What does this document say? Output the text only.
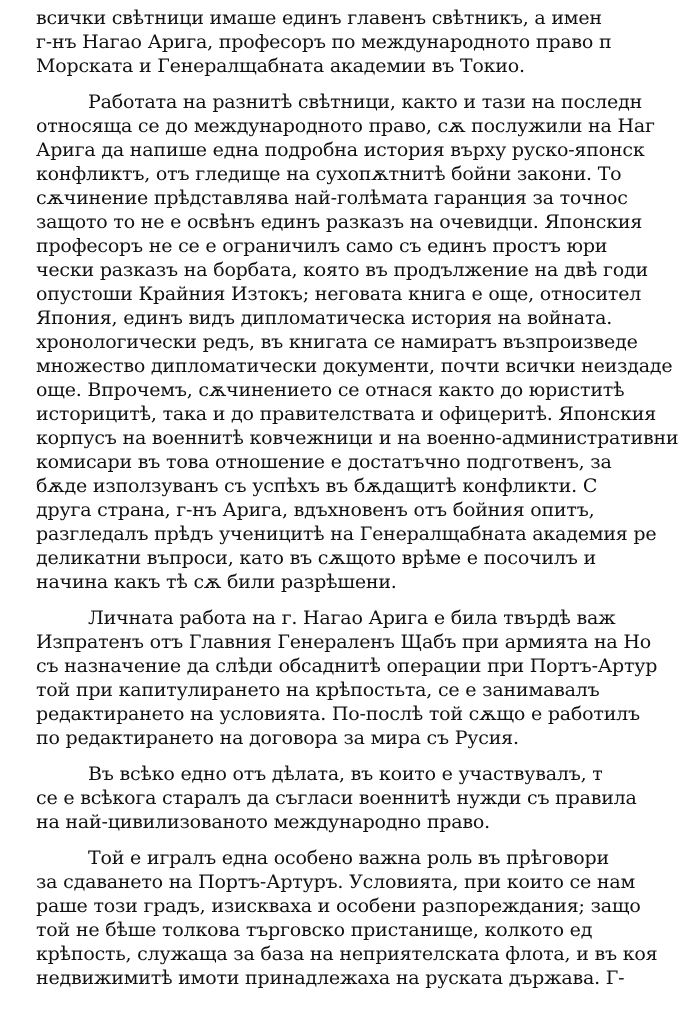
всички свѣтници имаше единъ главенъ свѣтникъ, а имен
г-нъ Нагао Арига, професоръ по международното право п
Морската и Генералщабната академии въ Токио.
Работата на разнитѣ свѣтници, както и тази на последн
относяща се до международното право, сѫ послужили на Наг
Арига да напише една подробна история върху руско-японск
конфликтъ, отъ гледище на сухопѫтнитѣ бойни закони. То
сѫчинение прѣдставлява най-голѣмата гаранция за точнос
защото то не е освѣнъ единъ разказъ на очевидци. Японския
професоръ не се е ограничилъ само съ единъ простъ юри
чески разказъ на борбата, която въ продължение на двѣ годи
опустоши Крайния Изтокъ; неговата книга е още, относител
Япония, единъ видъ дипломатическа история на войната.
хронологически редъ, въ книгата се намиратъ възпроизведе
множество дипломатически документи, почти всички неиздаде
още. Впрочемъ, сѫчинението се отнася както до юриститѣ
историцитѣ, така и до правителствата и офицеритѣ. Японския
корпусъ на военнитѣ ковчежници и на военно-административни
комисари въ това отношение е достатъчно подготвенъ, за
бѫде използуванъ съ успѣхъ въ бѫдащитѣ конфликти. С
друга страна, г-нъ Арига, вдъхновенъ отъ бойния опитъ,
разгледалъ прѣдъ ученицитѣ на Генералщабната академия ре
деликатни въпроси, като въ сѫщото врѣме е посочилъ и
начина какъ тѣ сѫ били разрѣшени.
Личната работа на г. Нагао Арига е била твърдѣ важ
Изпратенъ отъ Главния Генераленъ Щабъ при армията на Но
съ назначение да слѣди обсаднитѣ операции при Портъ-Артур
той при капитулирането на крѣпостьта, се е занимавалъ
редактирането на условията. По-послѣ той сѫщо е работилъ
по редактирането на договора за мира съ Русия.
Въ всѣко едно отъ дѣлата, въ които е участвувалъ, т
се е всѣкога старалъ да съгласи военнитѣ нужди съ правила
на най-цивилизованото международно право.
Той е игралъ една особено важна роль въ прѣговори
за сдаването на Портъ-Артуръ. Условията, при които се нам
раше този градъ, изисквaха и особени разпореждания; защо
той не бѣше толкова търговско пристанище, колкото ед
крѣпость, служаща за база на неприятелската флота, и въ коя
недвижимитѣ имоти принадлежаха на руската държава. Г-
